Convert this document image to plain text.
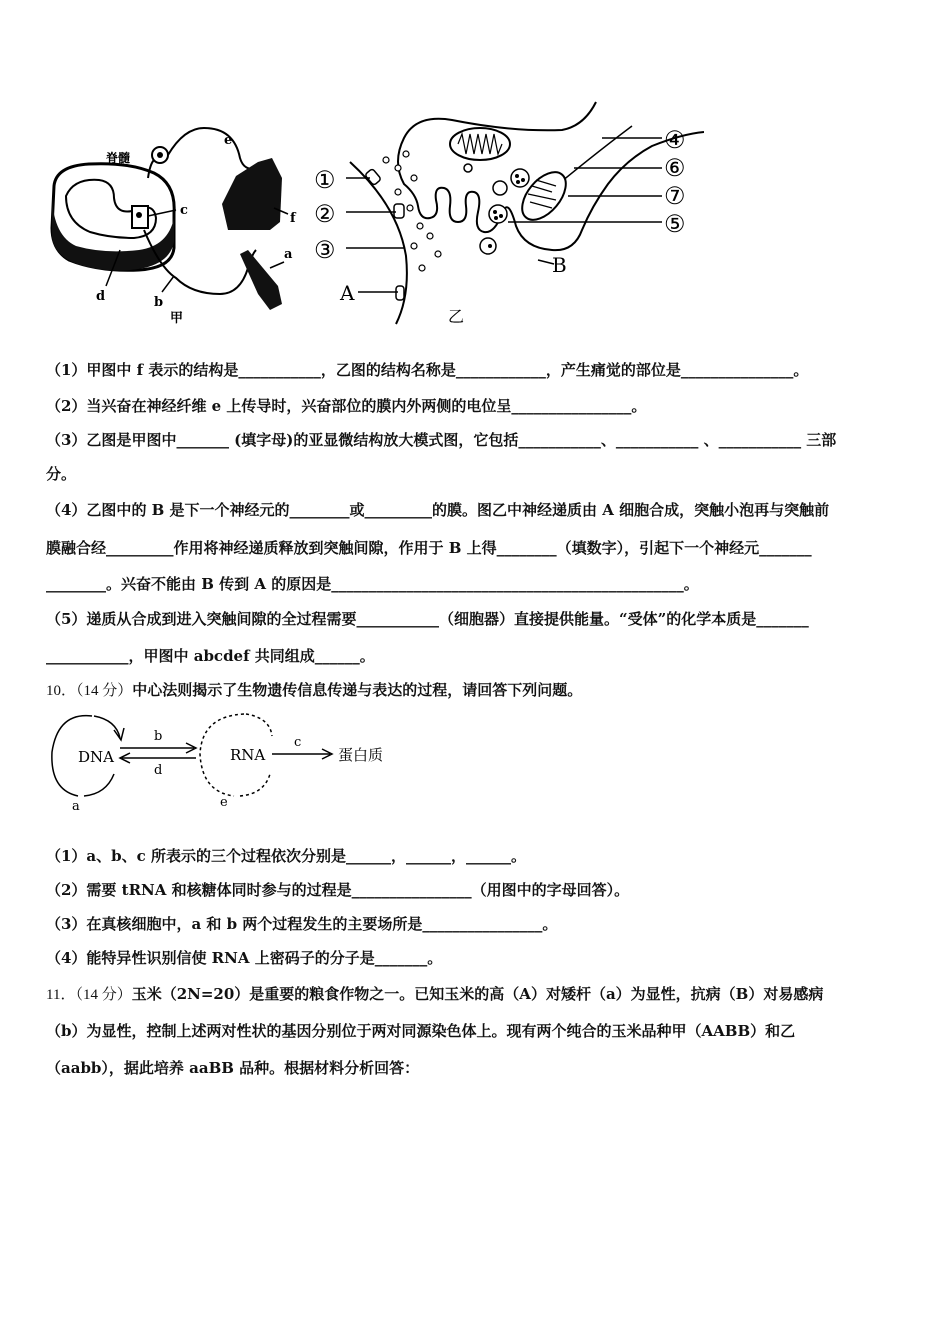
脊髓
e
f
c
a
d	b
甲
①
②
③
A
④
⑥
⑦
⑤
B
乙
（1）甲图中 f 表示的结构是___________，乙图的结构名称是____________，产生痛觉的部位是_______________。
（2）当兴奋在神经纤维 e 上传导时，兴奋部位的膜内外两侧的电位呈________________。
（3）乙图是甲图中_______ (填字母)的亚显微结构放大模式图，它包括___________、___________ 、___________ 三部
分。
（4）乙图中的 B 是下一个神经元的________或_________的膜。图乙中神经递质由 A 细胞合成，突触小泡再与突触前
膜融合经_________作用将神经递质释放到突触间隙，作用于 B 上得________（填数字），引起下一个神经元_______
________。兴奋不能由 B 传到 A 的原因是_______________________________________________。
（5）递质从合成到进入突触间隙的全过程需要___________（细胞器）直接提供能量。“受体”的化学本质是_______
___________，甲图中 abcdef 共同组成______。
10．（14 分）中心法则揭示了生物遗传信息传递与表达的过程，请回答下列问题。
DNA
a
b
d
RNA
e
c
蛋白质
（1）a、b、c 所表示的三个过程依次分别是______，______，______。
（2）需要 tRNA 和核糖体同时参与的过程是________________（用图中的字母回答）。
（3）在真核细胞中，a 和 b 两个过程发生的主要场所是________________。
（4）能特异性识别信使 RNA 上密码子的分子是_______。
11．（14 分）玉米（2N=20）是重要的粮食作物之一。已知玉米的高（A）对矮杆（a）为显性，抗病（B）对易感病
（b）为显性，控制上述两对性状的基因分别位于两对同源染色体上。现有两个纯合的玉米品种甲（AABB）和乙
（aabb），据此培养 aaBB 品种。根据材料分析回答：
